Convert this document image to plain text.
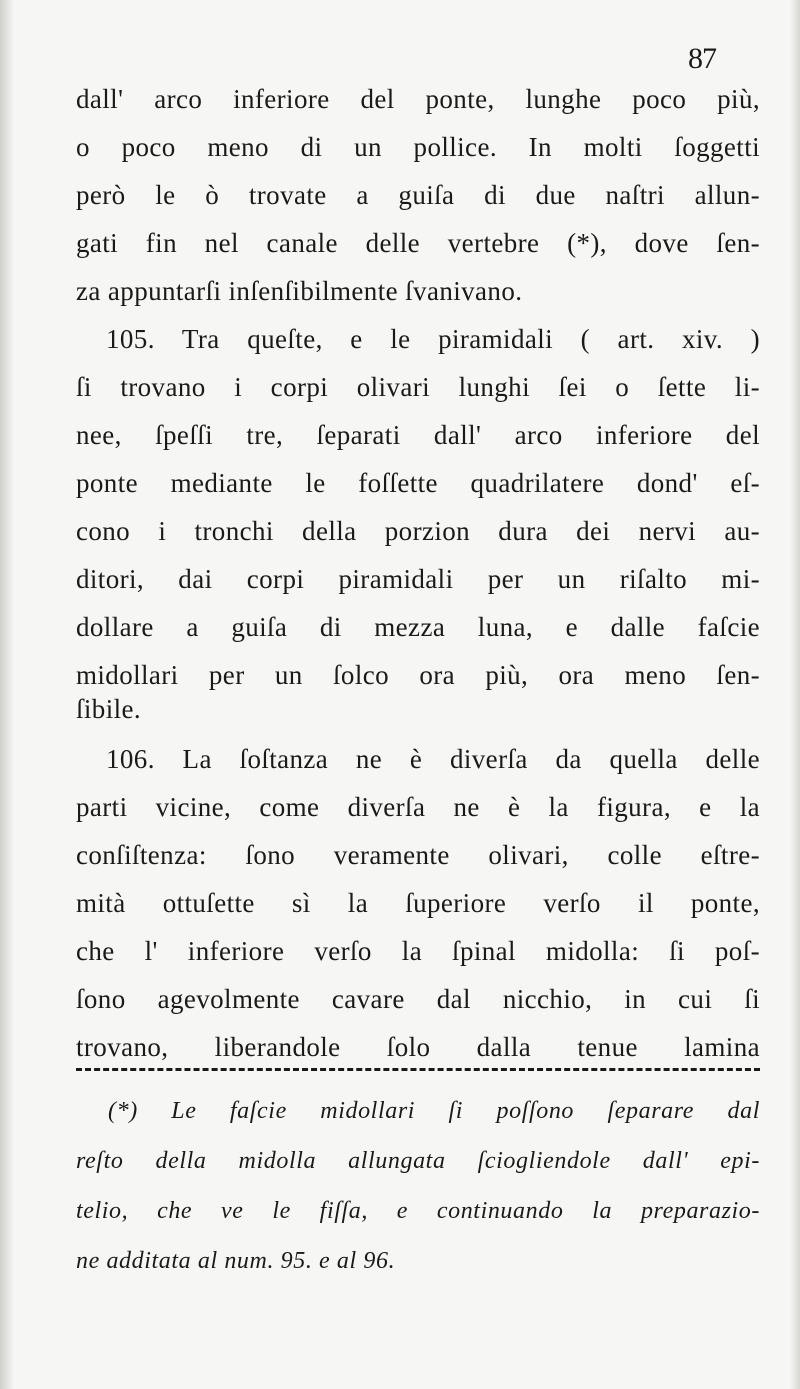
87
dall' arco inferiore del ponte, lunghe poco più,
o poco meno di un pollice. In molti ſoggetti
però le ò trovate a guiſa di due naſtri allun-
gati fin nel canale delle vertebre (*), dove ſen-
za appuntarſi inſenſibilmente ſvanivano.
105. Tra queſte, e le piramidali ( art. xiv. )
ſi trovano i corpi olivari lunghi ſei o ſette li-
nee, ſpeſſi tre, ſeparati dall' arco inferiore del
ponte mediante le foſſette quadrilatere dond' eſ-
cono i tronchi della porzion dura dei nervi au-
ditori, dai corpi piramidali per un riſalto mi-
dollare a guiſa di mezza luna, e dalle faſcie
midollari per un ſolco ora più, ora meno ſen-
ſibile.
106. La ſoſtanza ne è diverſa da quella delle
parti vicine, come diverſa ne è la figura, e la
conſiſtenza: ſono veramente olivari, colle eſtre-
mità ottuſette sì la ſuperiore verſo il ponte,
che l' inferiore verſo la ſpinal midolla: ſi poſ-
ſono agevolmente cavare dal nicchio, in cui ſi
trovano, liberandole ſolo dalla tenue lamina
(*) Le faſcie midollari ſi poſſono ſeparare dal
reſto della midolla allungata ſciogliendole dall' epi-
telio, che ve le fiſſa, e continuando la preparazio-
ne additata al num. 95. e al 96.
